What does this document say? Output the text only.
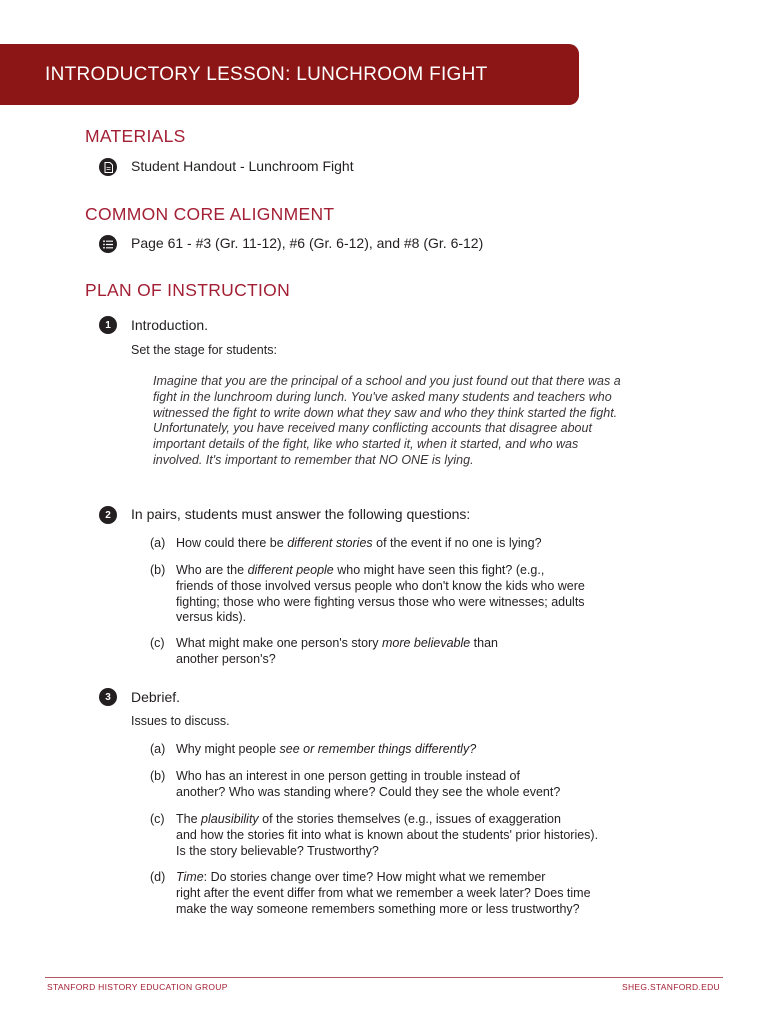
INTRODUCTORY LESSON: LUNCHROOM FIGHT
MATERIALS
Student Handout - Lunchroom Fight
COMMON CORE ALIGNMENT
Page 61 - #3 (Gr. 11-12), #6 (Gr. 6-12), and #8 (Gr. 6-12)
PLAN OF INSTRUCTION
1	Introduction.
Set the stage for students:
Imagine that you are the principal of a school and you just found out that there was a fight in the lunchroom during lunch. You've asked many students and teachers who witnessed the fight to write down what they saw and who they think started the fight. Unfortunately, you have received many conflicting accounts that disagree about important details of the fight, like who started it, when it started, and who was involved. It's important to remember that NO ONE is lying.
2	In pairs, students must answer the following questions:
(a) How could there be different stories of the event if no one is lying?
(b) Who are the different people who might have seen this fight? (e.g.,
friends of those involved versus people who don't know the kids who were fighting; those who were fighting versus those who were witnesses; adults versus kids).
(c) What might make one person's story more believable than
another person's?
3	Debrief.
Issues to discuss.
(a) Why might people see or remember things differently?
(b) Who has an interest in one person getting in trouble instead of
another? Who was standing where? Could they see the whole event?
(c) The plausibility of the stories themselves (e.g., issues of exaggeration
and how the stories fit into what is known about the students' prior histories). Is the story believable? Trustworthy?
(d) Time: Do stories change over time? How might what we remember
right after the event differ from what we remember a week later? Does time make the way someone remembers something more or less trustworthy?
STANFORD HISTORY EDUCATION GROUP	SHEG.STANFORD.EDU
